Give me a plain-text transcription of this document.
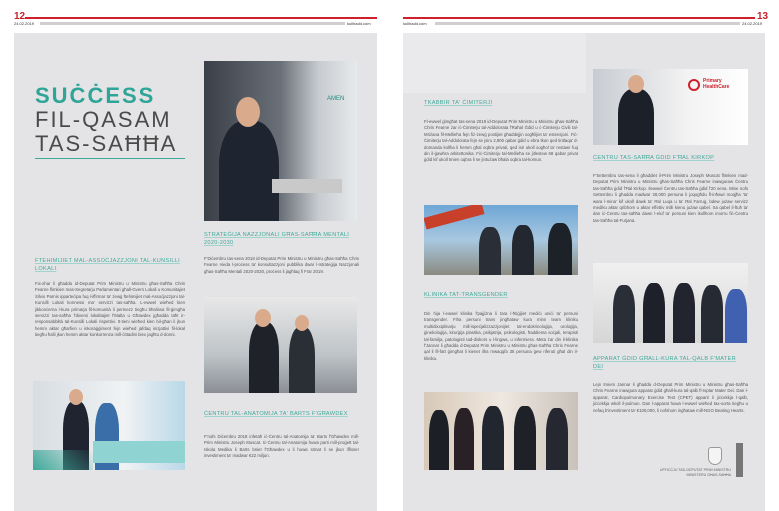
12
24.02.2019	kullhadd.com
13
kullhadd.com	24.02.2019
SUĊĊESS
FIL-QASAM
TAS-SAĦĦA
FTEHIMIJIET MAL-ASSOĊJAZZJONI TAL-KUNSILLI LOKALI
Fix-xhar li għadda id-Deputat Prim Ministru u Ministru għas-Saħħa Chris Fearne flimkien mas-Segretarju Parlamentari għall-Gvern Lokali u Komunitajiet Silvio Parnis ipparteċipa fuq l-iffirmar ta' żewġ ftehimijiet mal-Assoċjazzjoni tal-Kunsilli Lokali konnessi ma' servizzi tas-saħħa. L-ewwel wieħed kien jikkonċerna l-kura primarja fil-komunità li permezz tiegħu bħalissa fil-ġimgħa servizzi tas-saħħa f'diversi lokalitajiet f'Malta u Għawdex jgħadda taħt ir-responsabbiltà tal-Kunsilli Lokali rispettivi. It-tieni wieħed kien bil-għan li jkun hemm aktar għarfien u inkoraġġiment fejn wieħed jafdaq inizjattivi fil-lokal tiegħu ħalli jkun hemm aktar konkorrenza mill-ċittadini biex jagħtu d-donni.
AMEN
STRATEĠIJA NAZZJONALI GĦAS-SAĦĦA MENTALI 2020-2030
F'Diċembru tas-sena 2018 id-Deputat Prim Ministru u Ministru għas-Saħħa Chris Fearne nieda l-proċess ta' konsultazzjoni pubblika dwar l-Istrateġija Nazzjonali għas-Saħħa Mentali 2020-2030, proċess li jagħlaq fi Frar 2019.
ĊENTRU TAL-ANATOMIJA TA' BARTS F'GĦAWDEX
F'nofs Diċembru 2018 infetaħ iċ-Ċentru tal-Anatomija ta' Barts f'Għawdex mill-Prim Ministru Joseph Muscat. Iċ-Ċentru tal-Anatomija huwa parti mill-proġett tal-Iskola Medika li Barts bniet f'Għawdex u li huwa stmat li se jkun iffisser investiment ta' madwar €22 miljun.
TKABBIR TA' ĊIMITERJI
Fl-ewwel ġimgħat tas-sena 2019 id-Deputat Prim Ministru u Ministru għas-Saħħa Chris Fearne żar iċ-Ċimiterju tal-Addolorata f'Raħal Ġdid u ċ-Ċimiterju Ċivili tal-Mriżana fil-Mellieħa fejn fiż-żewġ postijiet għaddejjin xogħlijiet ta' estensjoni. Fiċ-Ċimiterju tal-Addolorata fejn se jsiru 2,800 qabar ġdid u ebra tkun qed tintlaqa' d-domanda kollha li hemm għal oqbra privati, qed isir ukoll xogħol ta' restawr fuq din il-ġawhra arkitettonika. Fiċ-Ċimiterju tal-Mellieħa se jitlestew 68 qabar privat ġdid kif ukoll tmien oqbra li se jintużaw bħala oqbra tal-komun.
KLINIKA TAT-TRANSGENDER
Din hija l-ewwel klinika f'pajjiżna li tara l-ħtiġijiet mediċi uniċi ta' persuni transgender. Fiha persuni trans jingħataw kura minn team kliniku multidixxiplinarju mill-ispeċjalizzazzjonijiet tal-endokrinoloġija, uroloġija, ġinekoloġija, kirurġija plastika, psikjatrija, psikologisti, ħaddiema soċjali, terapisti tal-familja, patologisti tad-diskors u l-lingwa, u infermiera. Meta żar din il-klinika f'Jannar li għadda d-Deputat Prim Ministru u Ministru għas-Saħħa Chris Fearne qal li fil-fatt ġimgħat li kienet ilha mwaqqfa 35 persuna ġew riferuti għal din il-klinika.
Primary
HealthCare
ĊENTRU TAS-SAĦĦA ĠDID F'ĦAL KIRKOP
F'Settembru tas-sena li għaddiet il-Prim Ministru Joseph Muscat flimkien mad-Deputat Prim Ministru u Ministru għas-Saħħa Chris Fearne inawguraw Ċentru tas-Saħħa ġdid f'Ħal Kirkop. Ilewwel Ċentru tas-Saħħa ġdid f'20 sena. Mine nofs Settembru li għadda madwar 28,000 persuna li joqogħdu fl-inħawi moqjħa 'ta' wara l-mina' kif ukoll dawk ta' Ħal Luqa u ta' Ħal Farruġ, bdew jużaw servizz mediku aktar qribhom u aktar effettiv milli kienu jużaw qabel. Sa qabel il-ftuħ ta' dan iċ-Ċentru tas-saħħa dawn l-eluf ta' persuni kien ikollhom imorru fiċ-Ċentru tas-Saħħa tal-Furjana.
APPARAT ĠDID GĦALL-KURA TAL-QALB F'MATER DEI
Lejn tmiem Jannar li għadda d-Deputat Prim Ministru u Ministru għas-Saħħa Chris Fearne inawgura apparat ġdid għall-kura tal-qalb fl-Isptar Mater Dei. Dan l-apparat, Cardiopulmonary Exercise Test (CPET) apparti li jiċċekkja l-qalb, jiċċekkja wkoll il-pulmun. Dan l-apparat huwa l-ewwel wieħed tax-xorta tiegħu u nefaq b'investiment ta' €100,000, li nofshom ingħataw mill-NGO Beating Hearts.
UFFIĊĊJU TAD-DEPUTAT PRIM MINISTRU
MINISTERU GĦAS-SAĦĦA
